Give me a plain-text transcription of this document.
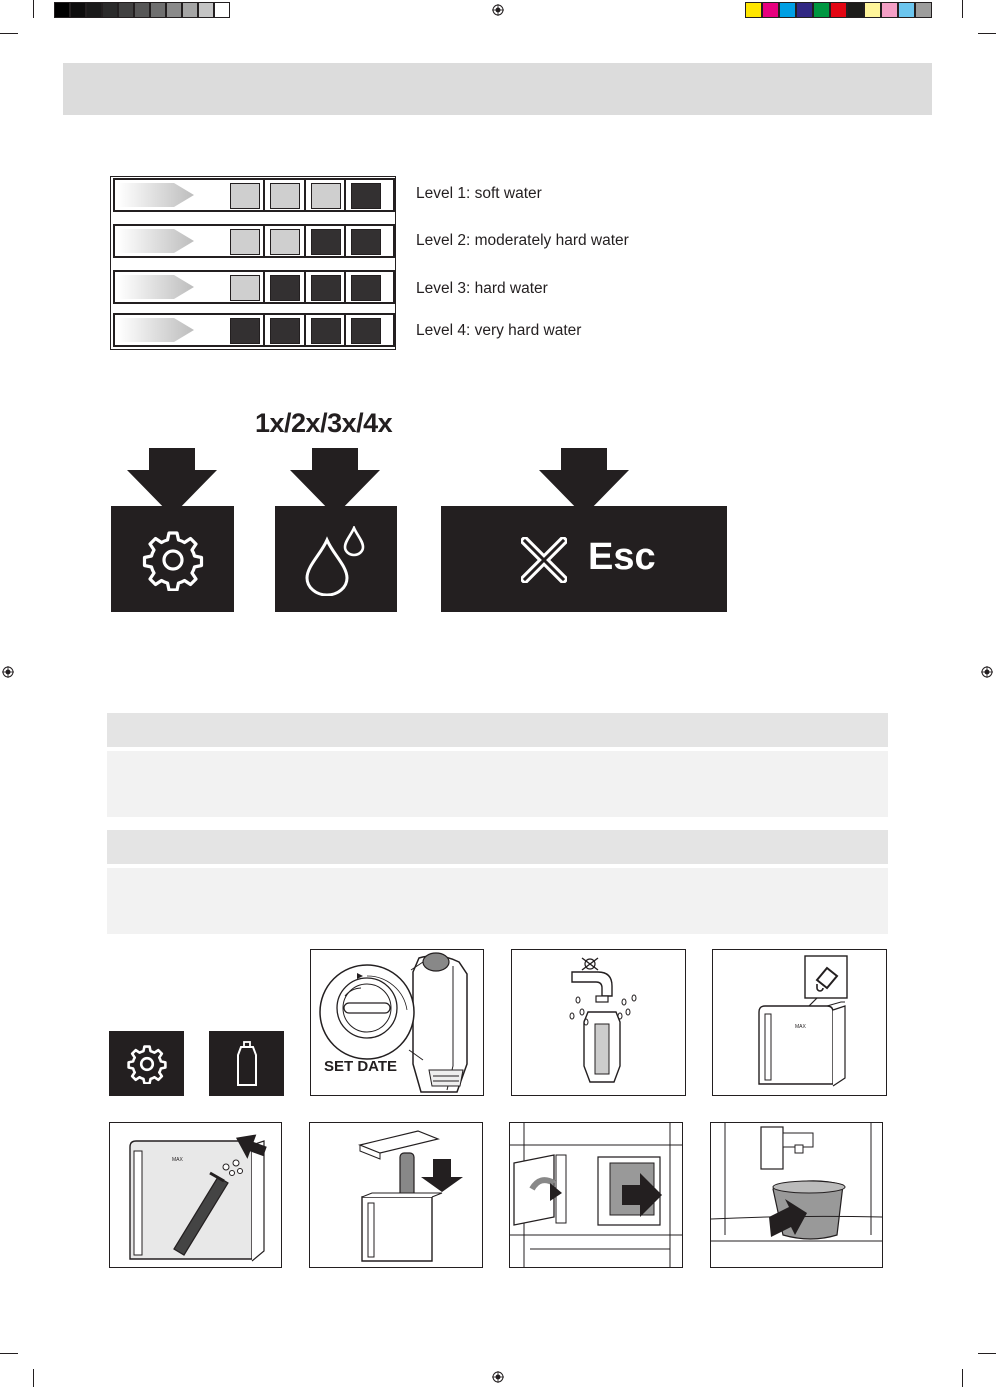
Level 1: soft water
Level 2: moderately hard water
Level 3: hard water
Level 4: very hard water
1x/2x/3x/4x
Esc
SET DATE
MAX
MAX
